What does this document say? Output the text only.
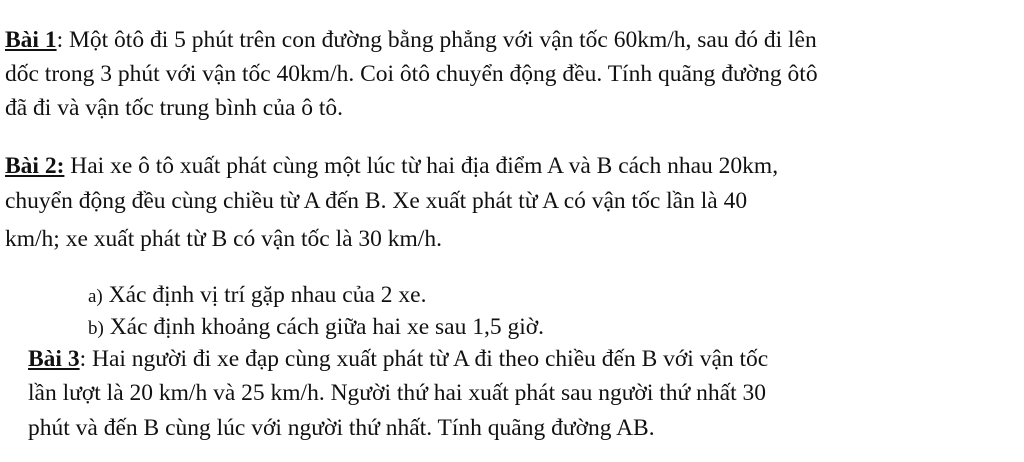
Bài 1: Một ôtô đi 5 phút trên con đường bằng phẳng với vận tốc 60km/h, sau đó đi lên
dốc trong 3 phút với vận tốc 40km/h. Coi ôtô chuyển động đều. Tính quãng đường ôtô
đã đi và vận tốc trung bình của ô tô.
Bài 2: Hai xe ô tô xuất phát cùng một lúc từ hai địa điểm A và B cách nhau 20km,
chuyển động đều cùng chiều từ A đến B. Xe xuất phát từ A có vận tốc lần là 40
km/h; xe xuất phát từ B có vận tốc là 30 km/h.
a) Xác định vị trí gặp nhau của 2 xe.
b) Xác định khoảng cách giữa hai xe sau 1,5 giờ.
Bài 3: Hai người đi xe đạp cùng xuất phát từ A đi theo chiều đến B với vận tốc
lần lượt là 20 km/h và 25 km/h. Người thứ hai xuất phát sau người thứ nhất 30
phút và đến B cùng lúc với người thứ nhất. Tính quãng đường AB.
